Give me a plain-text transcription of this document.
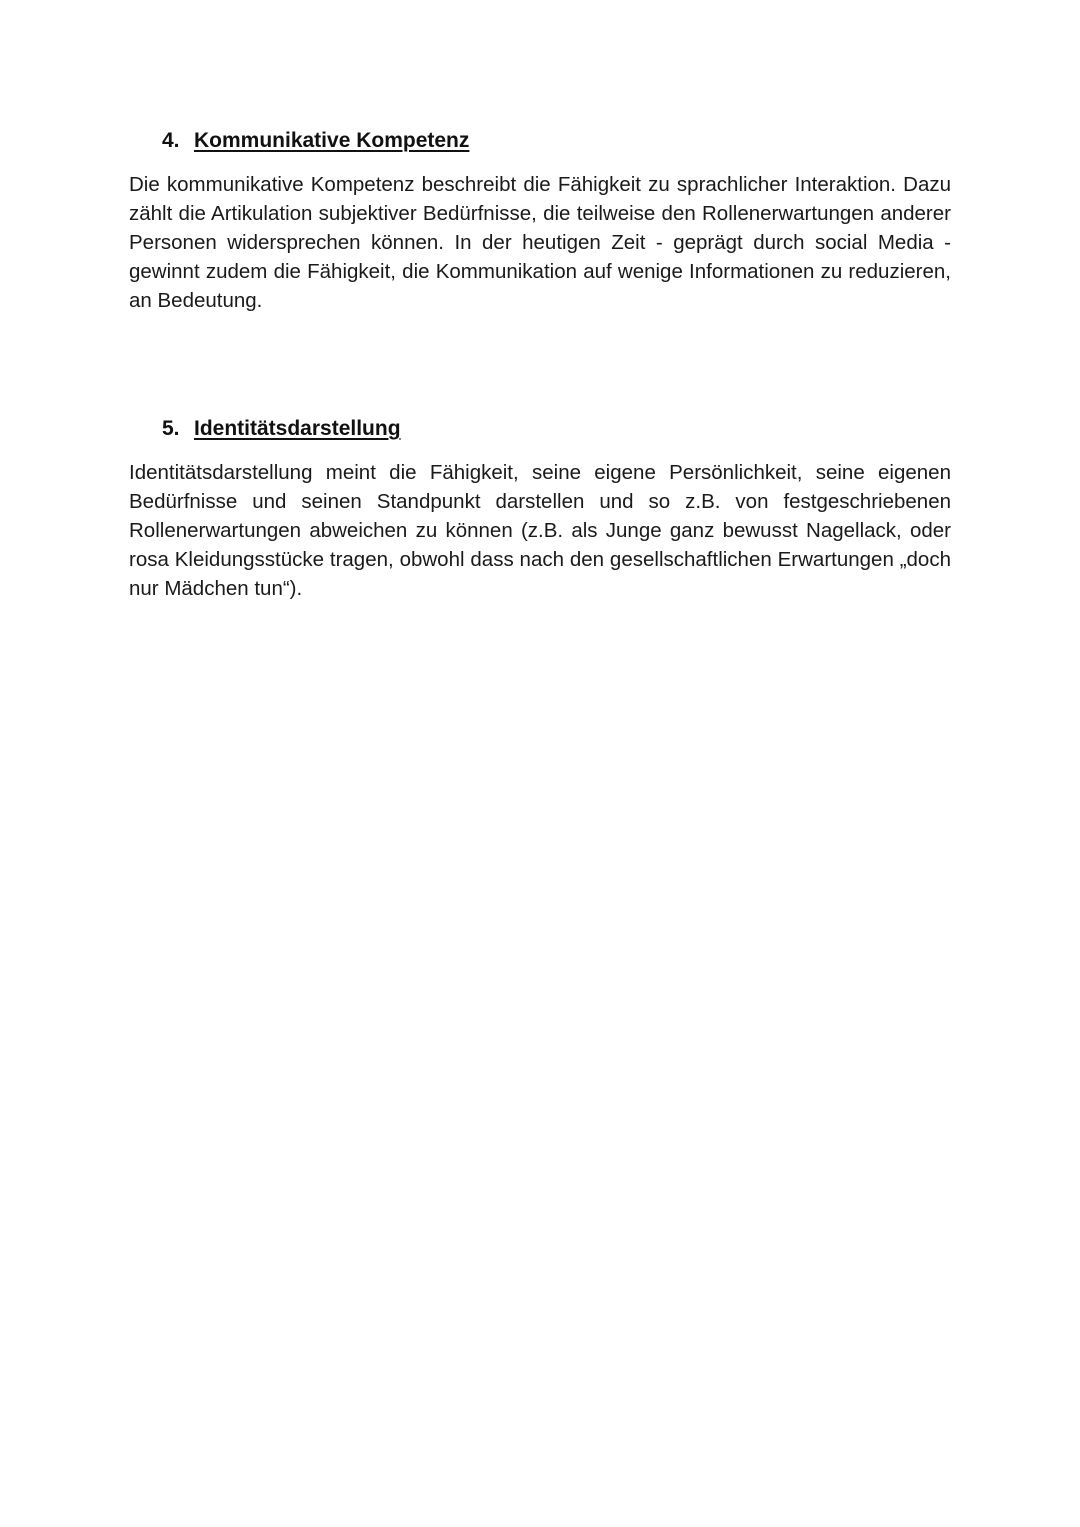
4. Kommunikative Kompetenz

Die kommunikative Kompetenz beschreibt die Fähigkeit zu sprachlicher Interaktion. Dazu zählt die Artikulation subjektiver Bedürfnisse, die teilweise den Rollenerwartungen anderer Personen widersprechen können. In der heutigen Zeit - geprägt durch social Media - gewinnt zudem die Fähigkeit, die Kommunikation auf wenige Informationen zu reduzieren, an Bedeutung.

5. Identitätsdarstellung

Identitätsdarstellung meint die Fähigkeit, seine eigene Persönlichkeit, seine eigenen Bedürfnisse und seinen Standpunkt darstellen und so z.B. von festgeschriebenen Rollenerwartungen abweichen zu können (z.B. als Junge ganz bewusst Nagellack, oder rosa Kleidungsstücke tragen, obwohl dass nach den gesellschaftlichen Erwartungen „doch nur Mädchen tun“).
